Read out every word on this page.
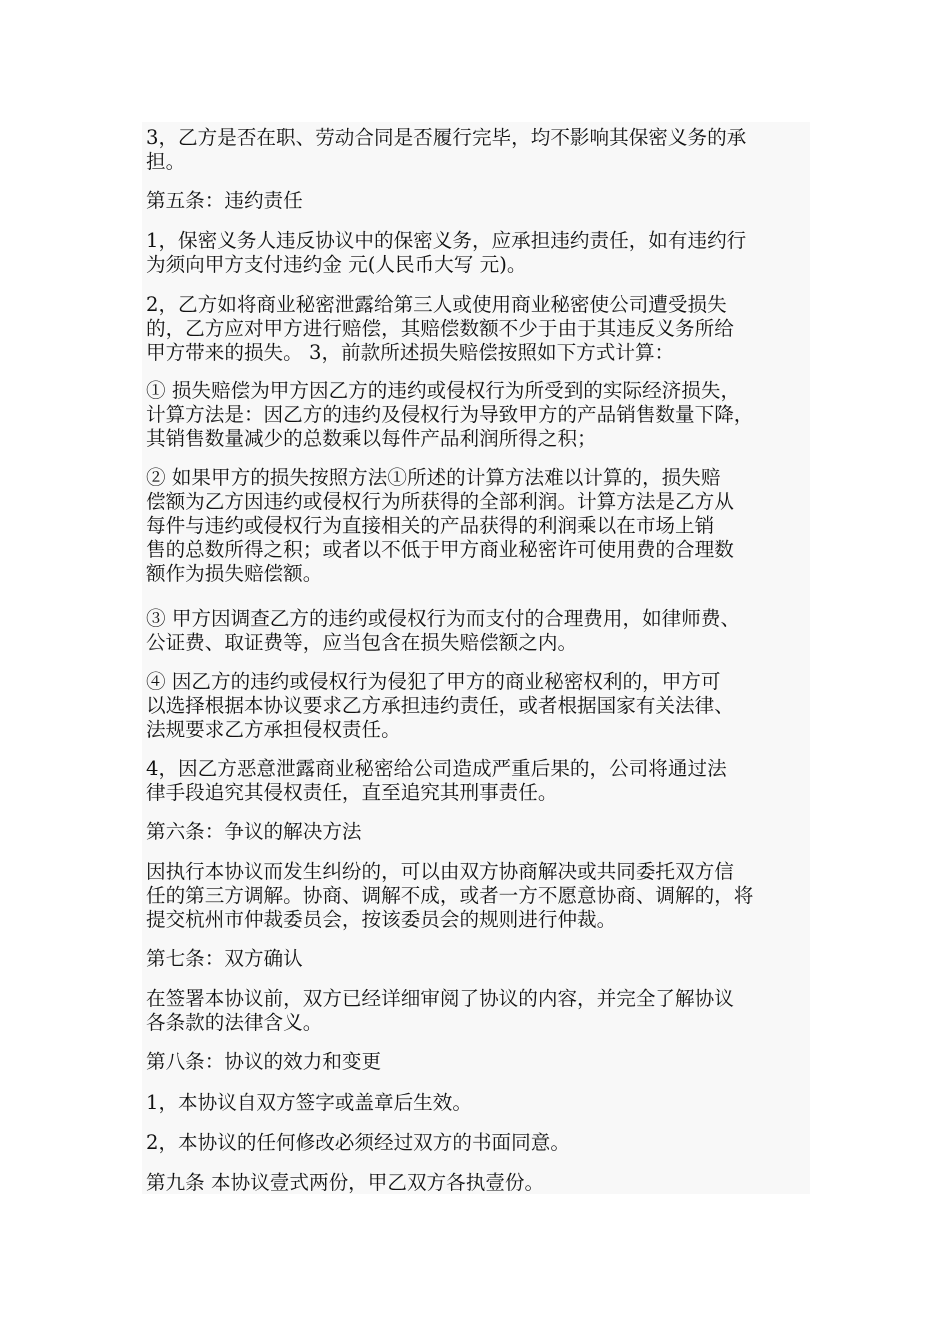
3，乙方是否在职、劳动合同是否履行完毕，均不影响其保密义务的承
担。
第五条：违约责任
1，保密义务人违反协议中的保密义务，应承担违约责任，如有违约行
为须向甲方支付违约金 元(人民币大写 元)。
2，乙方如将商业秘密泄露给第三人或使用商业秘密使公司遭受损失
的，乙方应对甲方进行赔偿，其赔偿数额不少于由于其违反义务所给
甲方带来的损失。 3，前款所述损失赔偿按照如下方式计算：
① 损失赔偿为甲方因乙方的违约或侵权行为所受到的实际经济损失，
计算方法是：因乙方的违约及侵权行为导致甲方的产品销售数量下降，
其销售数量减少的总数乘以每件产品利润所得之积；
② 如果甲方的损失按照方法①所述的计算方法难以计算的，损失赔
偿额为乙方因违约或侵权行为所获得的全部利润。计算方法是乙方从
每件与违约或侵权行为直接相关的产品获得的利润乘以在市场上销
售的总数所得之积；或者以不低于甲方商业秘密许可使用费的合理数
额作为损失赔偿额。
③ 甲方因调查乙方的违约或侵权行为而支付的合理费用，如律师费、
公证费、取证费等，应当包含在损失赔偿额之内。
④ 因乙方的违约或侵权行为侵犯了甲方的商业秘密权利的，甲方可
以选择根据本协议要求乙方承担违约责任，或者根据国家有关法律、
法规要求乙方承担侵权责任。
4，因乙方恶意泄露商业秘密给公司造成严重后果的，公司将通过法
律手段追究其侵权责任，直至追究其刑事责任。
第六条：争议的解决方法
因执行本协议而发生纠纷的，可以由双方协商解决或共同委托双方信
任的第三方调解。协商、调解不成，或者一方不愿意协商、调解的，将
提交杭州市仲裁委员会，按该委员会的规则进行仲裁。
第七条：双方确认
在签署本协议前，双方已经详细审阅了协议的内容，并完全了解协议
各条款的法律含义。
第八条：协议的效力和变更
1，本协议自双方签字或盖章后生效。
2，本协议的任何修改必须经过双方的书面同意。
第九条 本协议壹式两份，甲乙双方各执壹份。
